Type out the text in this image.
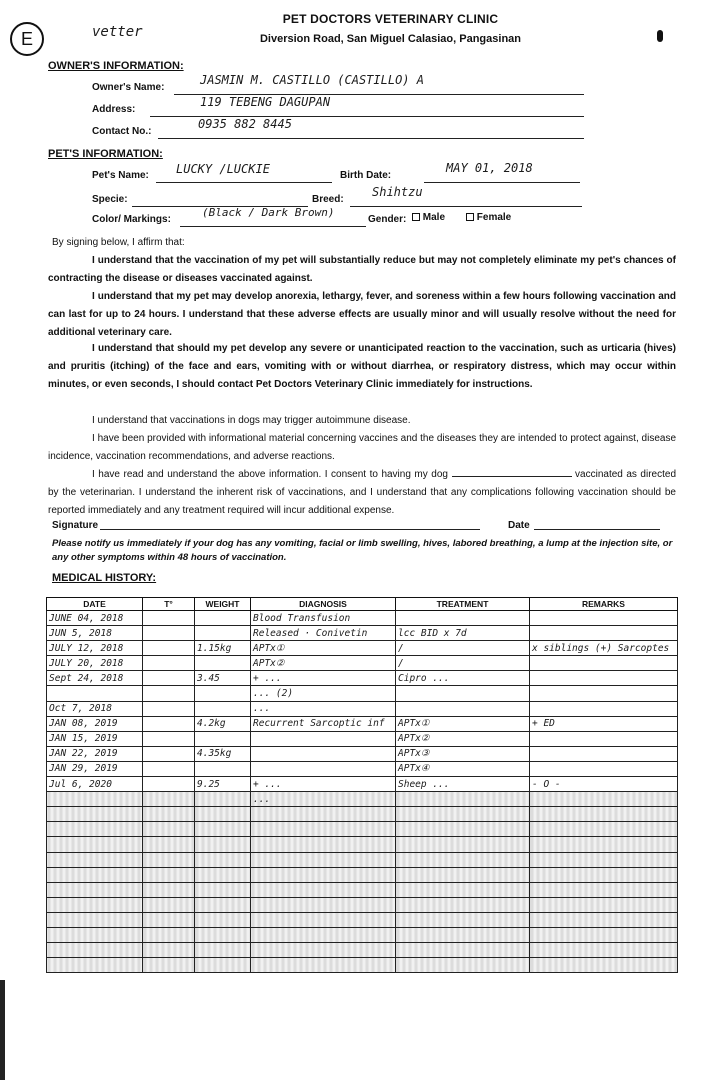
E	vetter
PET DOCTORS VETERINARY CLINIC
Diversion Road, San Miguel Calasiao, Pangasinan
OWNER'S INFORMATION:
Owner's Name:
JASMIN M. CASTILLO (CASTILLO) A
Address:
119 TEBENG DAGUPAN
Contact No.:
0935 882 8445
PET'S INFORMATION:
Pet's Name: LUCKY /LUCKIE	Birth Date:
MAY 01, 2018
Specie:	Breed:
Shihtzu
Color/ Markings:
(Black / Dark Brown)
Gender:	Male	Female
By signing below, I affirm that:
I understand that the vaccination of my pet will substantially reduce but may not completely eliminate my pet's chances of contracting the disease or diseases vaccinated against.
I understand that my pet may develop anorexia, lethargy, fever, and soreness within a few hours following vaccination and can last for up to 24 hours. I understand that these adverse effects are usually minor and will usually resolve without the need for additional veterinary care.
I understand that should my pet develop any severe or unanticipated reaction to the vaccination, such as urticaria (hives) and pruritis (itching) of the face and ears, vomiting with or without diarrhea, or respiratory distress, which may occur within minutes, or even seconds, I should contact Pet Doctors Veterinary Clinic immediately for instructions.
I understand that vaccinations in dogs may trigger autoimmune disease.
I have been provided with informational material concerning vaccines and the diseases they are intended to protect against, disease incidence, vaccination recommendations, and adverse reactions.
I have read and understand the above information. I consent to having my dog	vaccinated as directed by the veterinarian. I understand the inherent risk of vaccinations, and I understand that any complications following vaccination should be reported immediately and any treatment required will incur additional expense.
Signature	Date
Please notify us immediately if your dog has any vomiting, facial or limb swelling, hives, labored breathing, a lump at the injection site, or any other symptoms within 48 hours of vaccination.
MEDICAL HISTORY:
DATE	T°	WEIGHT	DIAGNOSIS	TREATMENT	REMARKS
JUNE 04, 2018			Blood Transfusion		
JUN 5, 2018			Released · Conivetin	lcc BID x 7d	
JULY 12, 2018		1.15kg	APTx①	/	x siblings (+) Sarcoptes
JULY 20, 2018			APTx②	/	
Sept 24, 2018		3.45	+ ...	Cipro ...	
			... (2)		
Oct 7, 2018			...		
JAN 08, 2019		4.2kg	Recurrent Sarcoptic inf	APTx①	+ ED
JAN 15, 2019				APTx②	
JAN 22, 2019		4.35kg		APTx③	
JAN 29, 2019				APTx④	
Jul 6, 2020		9.25	+ ...	Sheep ...	- O -
			...		
